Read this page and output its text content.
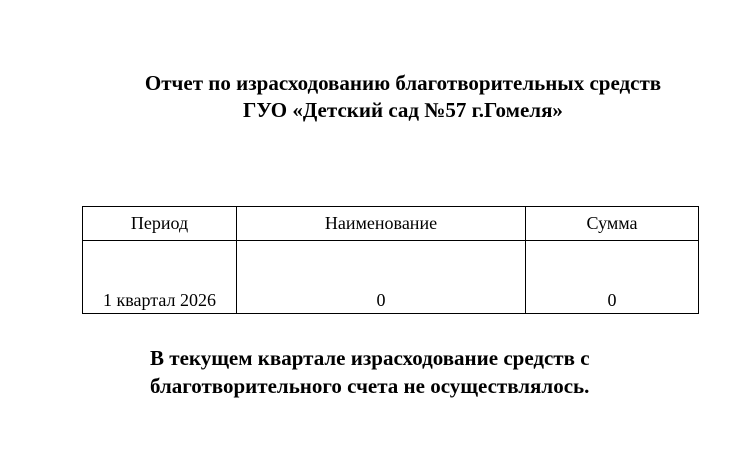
Отчет по израсходованию благотворительных средств
ГУО «Детский сад №57 г.Гомеля»
Период	Наименование	Сумма
1 квартал 2026	0	0
В текущем квартале израсходование средств с
благотворительного счета не осуществлялось.
